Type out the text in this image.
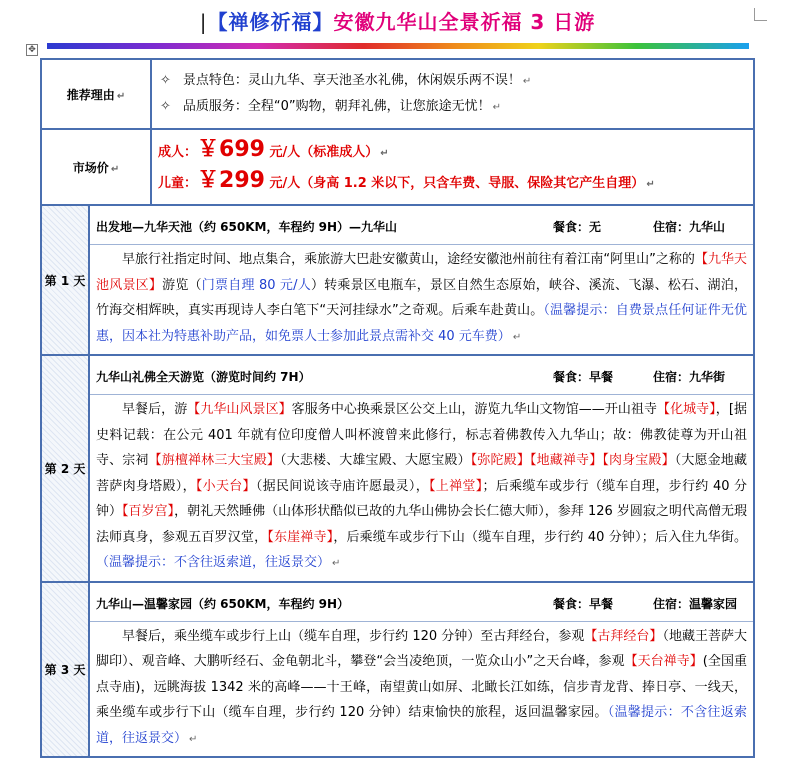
|【禅修祈福】安徽九华山全景祈福 3 日游
✥
推荐理由 ↵		✧ 景点特色：灵山九华、享天池圣水礼佛，休闲娱乐两不误！ ↵
✧ 品质服务：全程“0”购物，朝拜礼佛，让您旅途无忧！ ↵

市场价 ↵		成人：￥699 元/人（标准成人） ↵
儿童：￥299 元/人（身高 1.2 米以下，只含车费、导服、保险其它产生自理） ↵

第 1 天	出发地—九华天池（约 650KM，车程约 9H）—九华山 餐食：无 住宿：九华山
早旅行社指定时间、地点集合，乘旅游大巴赴安徽黄山，途经安徽池州前往有着江南“阿里山”之称的【九华天池风景区】游览（门票自理 80 元/人）转乘景区电瓶车，景区自然生态原始，峡谷、溪流、飞瀑、松石、湖泊，竹海交相辉映，真实再现诗人李白笔下“天河挂绿水”之奇观。后乘车赴黄山。（温馨提示：自费景点任何证件无优惠，因本社为特惠补助产品，如免票人士参加此景点需补交 40 元车费） ↵	

第 2 天	九华山礼佛全天游览（游览时间约 7H） 餐食：早餐 住宿：九华街
早餐后，游【九华山风景区】客服务中心换乘景区公交上山，游览九华山文物馆——开山祖寺【化城寺】，[据史料记载：在公元 401 年就有位印度僧人叫杯渡曾来此修行，标志着佛教传入九华山；故：佛教徒尊为开山祖寺、宗祠【旃檀禅林三大宝殿】（大悲楼、大雄宝殿、大愿宝殿）【弥陀殿】【地藏禅寺】【肉身宝殿】（大愿金地藏菩萨肉身塔殿），【小天台】（据民间说该寺庙许愿最灵），【上禅堂】；后乘缆车或步行（缆车自理，步行约 40 分钟）【百岁宫】，朝礼天然睡佛（山体形状酷似已故的九华山佛协会长仁德大师），参拜 126 岁圆寂之明代高僧无瑕法师真身，参观五百罗汉堂，【东崖禅寺】，后乘缆车或步行下山（缆车自理，步行约 40 分钟）；后入住九华街。（温馨提示：不含往返索道，往返景交） ↵	

第 3 天	九华山—温馨家园（约 650KM，车程约 9H） 餐食：早餐 住宿：温馨家园
早餐后，乘坐缆车或步行上山（缆车自理，步行约 120 分钟）至古拜经台，参观【古拜经台】（地藏王菩萨大脚印）、观音峰、大鹏听经石、金龟朝北斗，攀登“会当凌绝顶，一览众山小”之天台峰，参观【天台禅寺】(全国重点寺庙)，远眺海拔 1342 米的高峰——十王峰，南望黄山如屏、北瞰长江如练，信步青龙背、捧日亭、一线天，乘坐缆车或步行下山（缆车自理，步行约 120 分钟）结束愉快的旅程，返回温馨家园。（温馨提示：不含往返索道，往返景交） ↵	
